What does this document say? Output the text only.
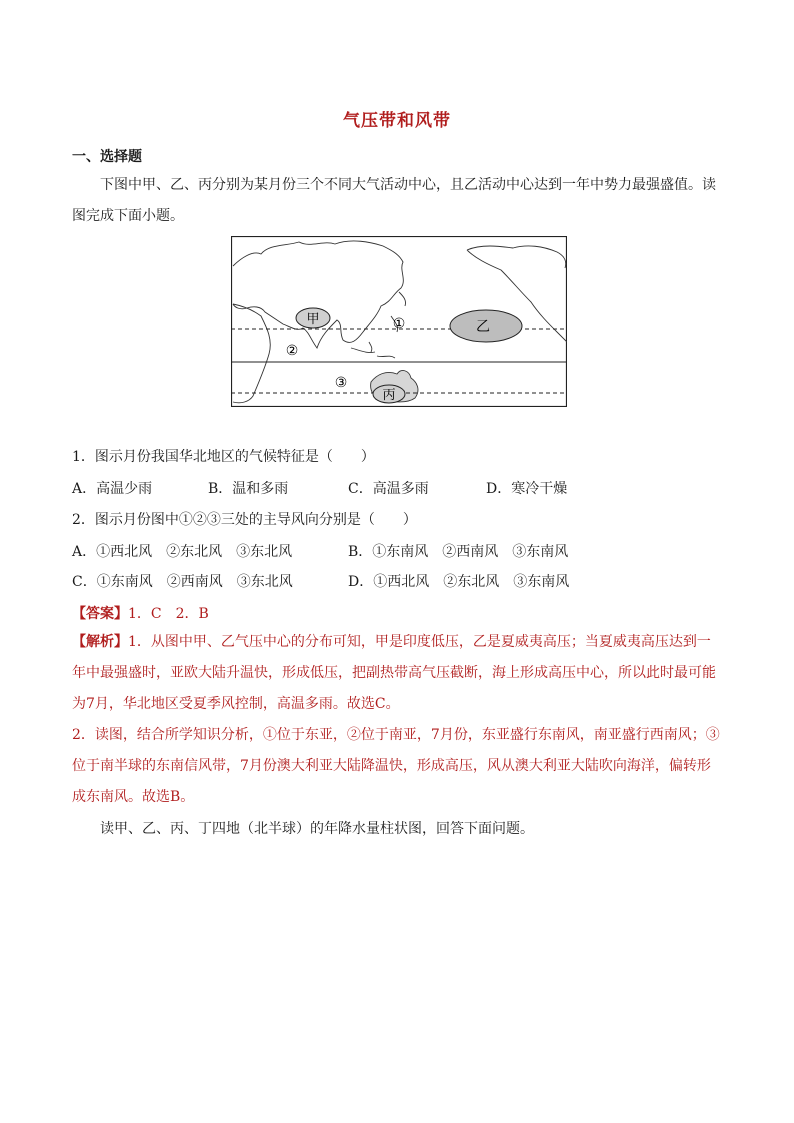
气压带和风带
一、选择题
下图中甲、乙、丙分别为某月份三个不同大气活动中心，且乙活动中心达到一年中势力最强盛值。读图完成下面小题。
甲	乙
丙
①
②
③
1．图示月份我国华北地区的气候特征是（　　）
A．高温少雨	B．温和多雨	C．高温多雨	D．寒冷干燥
2．图示月份图中①②③三处的主导风向分别是（　　）
A．①西北风　②东北风　③东北风	B．①东南风　②西南风　③东南风
C．①东南风　②西南风　③东北风	D．①西北风　②东北风　③东南风
【答案】1．C　2．B
【解析】1．从图中甲、乙气压中心的分布可知，甲是印度低压，乙是夏威夷高压；当夏威夷高压达到一年中最强盛时，亚欧大陆升温快，形成低压，把副热带高气压截断，海上形成高压中心，所以此时最可能为7月，华北地区受夏季风控制，高温多雨。故选C。
2．读图，结合所学知识分析，①位于东亚，②位于南亚，7月份，东亚盛行东南风，南亚盛行西南风；③位于南半球的东南信风带，7月份澳大利亚大陆降温快，形成高压，风从澳大利亚大陆吹向海洋，偏转形成东南风。故选B。
读甲、乙、丙、丁四地（北半球）的年降水量柱状图，回答下面问题。
